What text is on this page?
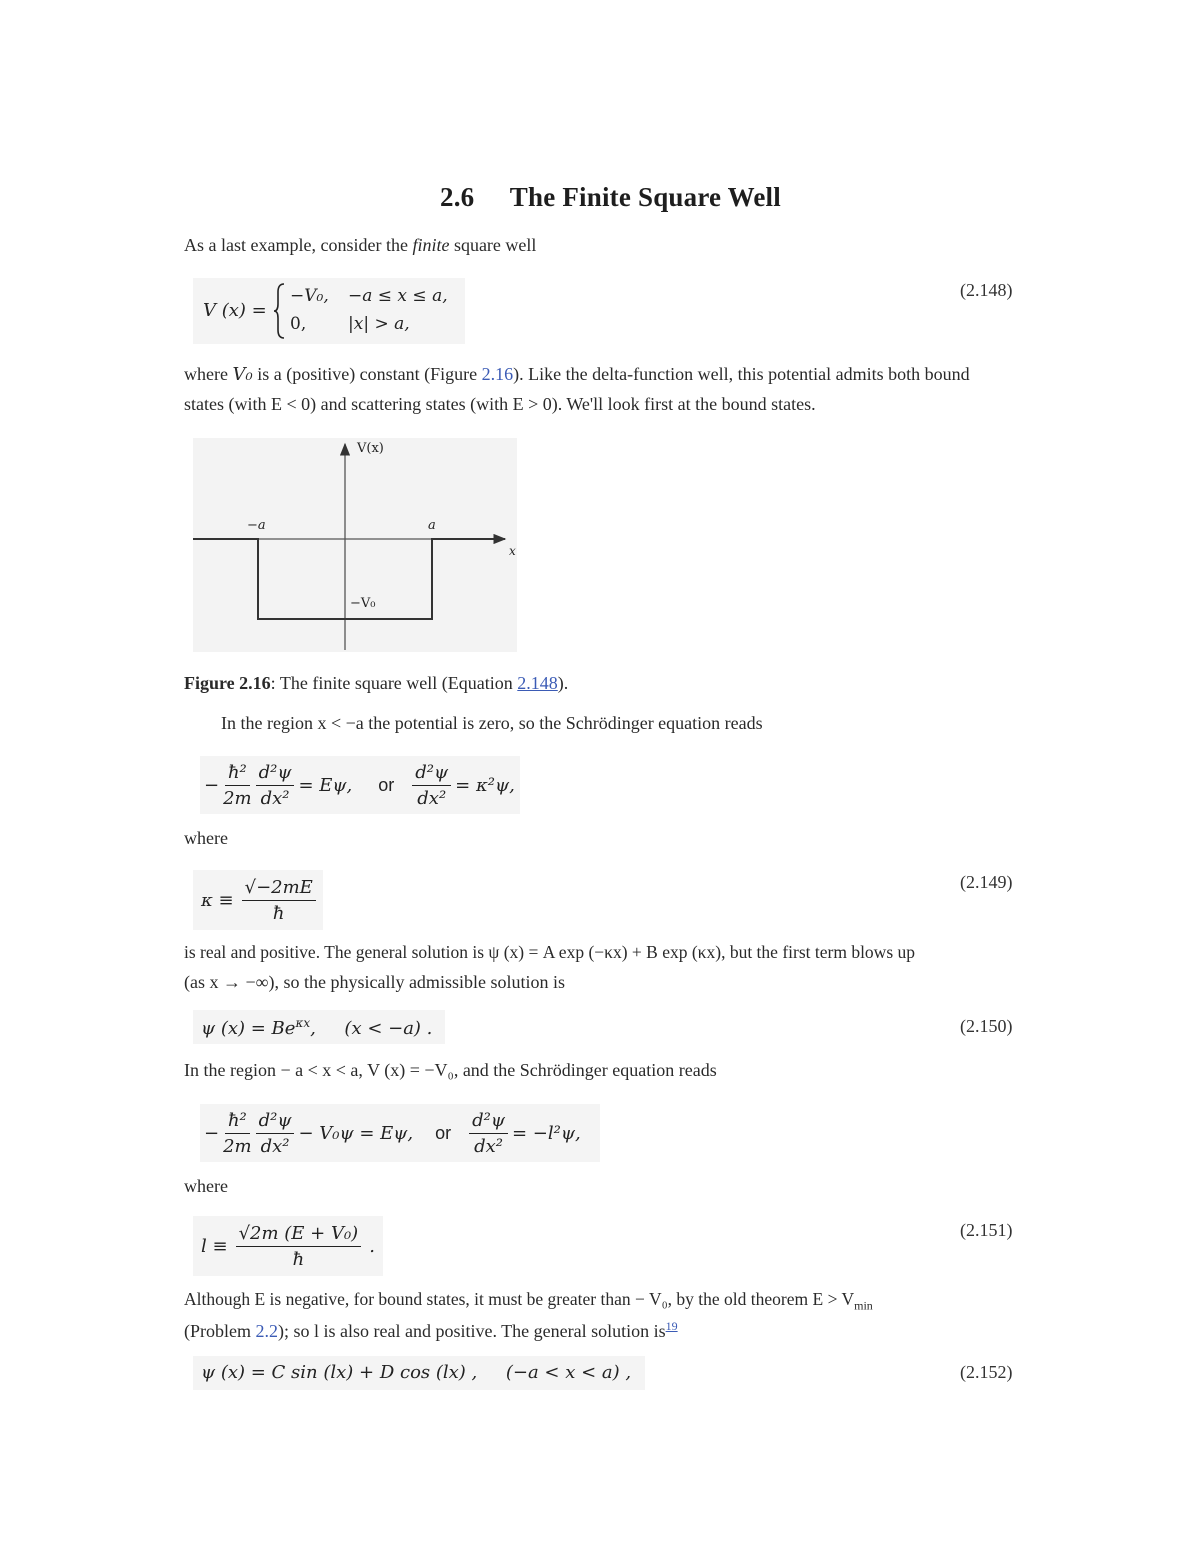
2.6 The Finite Square Well
As a last example, consider the finite square well
V (x) =
−V₀, −a ≤ x ≤ a,
0, |x| > a,
(2.148)
where V₀ is a (positive) constant (Figure 2.16). Like the delta-function well, this potential admits both bound
states (with E < 0) and scattering states (with E > 0). We'll look first at the bound states.
V(x)
x
−a	a
−V₀
Figure 2.16: The finite square well (Equation 2.148).
In the region x < −a the potential is zero, so the Schrödinger equation reads
− $\frac{\text{ħ²}}{2m} \frac{\text{d²ψ}}{\text{dx²}} = E\psi$, or $\frac{\text{d²ψ}}{\text{dx²}} = \kappa^2\psi$,
where
$\kappa \equiv \frac{√-2mE}{ħ}$	(2.149)
is real and positive. The general solution is ψ (x) = A exp (−κx) + B exp (κx), but the first term blows up
(as x → −∞), so the physically admissible solution is
ψ $(x) = Be^{\kappa x}$,     (x < −a) .	(2.150)
In the region − a < x < a, V (x) = −V₀, and the Schrödinger equation reads
− $\frac{\text{ħ²}}{2m} \frac{\text{d²ψ}}{\text{dx²}} - V_0\psi = E\psi$, or $\frac{\text{d²ψ}}{\text{dx²}} = -l^2\psi$,
where
$l \equiv \frac{\text{√2m (E + V₀)}}{ħ}$ .
(2.151)
Although E is negative, for bound states, it must be greater than − V₀, by the old theorem $E > V_{min}$
(Problem 2.2); so l is also real and positive. The general solution $is^{19}$
ψ (x) = C sin (lx) + D cos (lx) ,     (−a < x < a) ,	(2.152)
